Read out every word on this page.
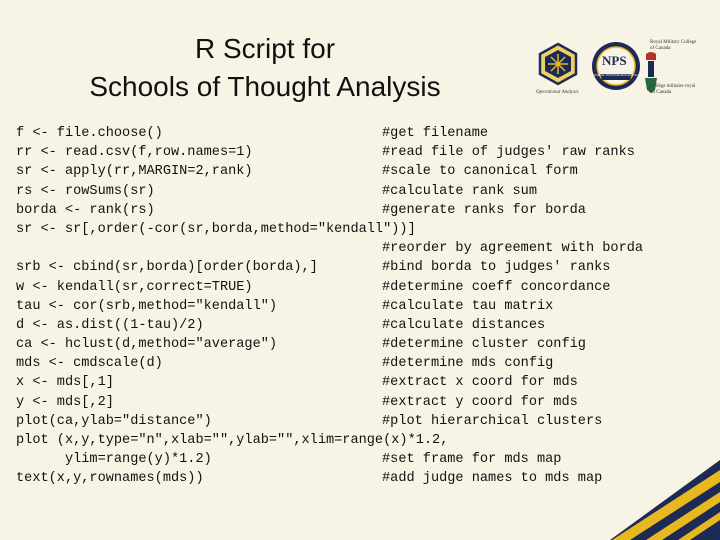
R Script for
Schools of Thought Analysis	Operational Analysis
NPS
NAVAL POSTGRADUATE SCHOOL
Royal Military College
of Canada
Collège militaire royal
du Canada
f <- file.choose()	#get filename
rr <- read.csv(f,row.names=1)	#read file of judges' raw ranks
sr <- apply(rr,MARGIN=2,rank)	#scale to canonical form
rs <- rowSums(sr)	#calculate rank sum
borda <- rank(rs)	#generate ranks for borda
sr <- sr[,order(-cor(sr,borda,method="kendall"))]
#reorder by agreement with borda
srb <- cbind(sr,borda)[order(borda),]	#bind borda to judges' ranks
w <- kendall(sr,correct=TRUE)	#determine coeff concordance
tau <- cor(srb,method="kendall")	#calculate tau matrix
d <- as.dist((1-tau)/2)	#calculate distances
ca <- hclust(d,method="average")	#determine cluster config
mds <- cmdscale(d)	#determine mds config
x <- mds[,1]	#extract x coord for mds
y <- mds[,2]	#extract y coord for mds
plot(ca,ylab="distance")	#plot hierarchical clusters
plot (x,y,type="n",xlab="",ylab="",xlim=range(x)*1.2,
ylim=range(y)*1.2)	#set frame for mds map
text(x,y,rownames(mds))	#add judge names to mds map
